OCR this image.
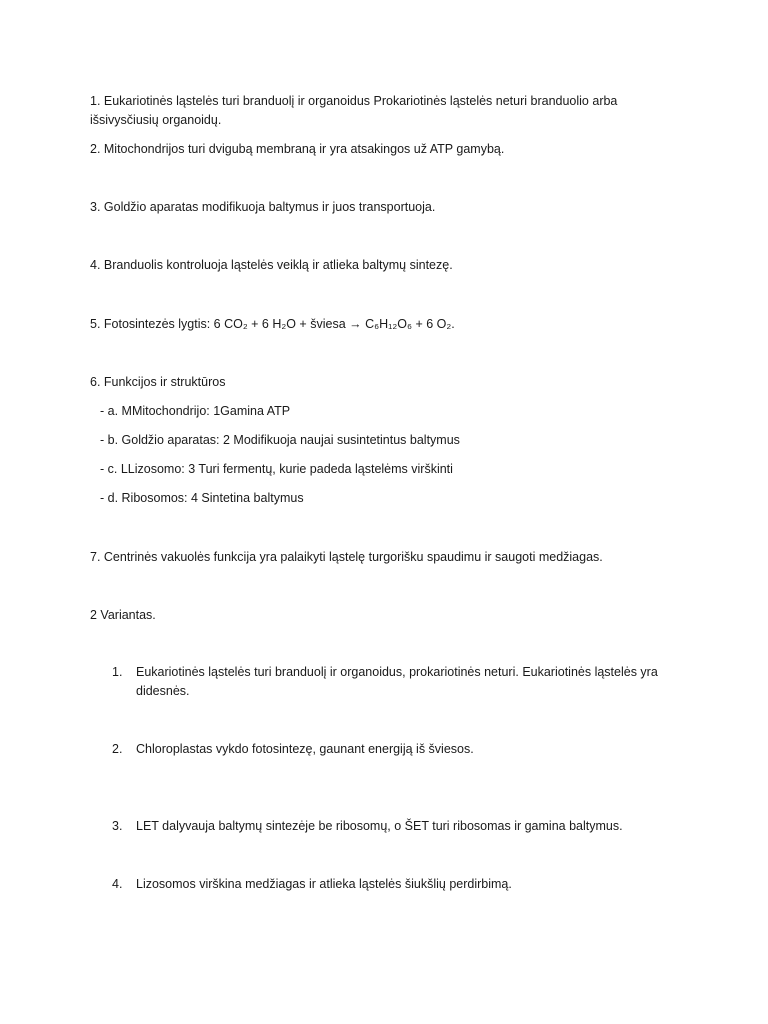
1. Eukariotinės ląstelės turi branduolį ir organoidus Prokariotinės ląstelės neturi branduolio arba
išsivysčiusių organoidų.
2. Mitochondrijos turi dvigubą membraną ir yra atsakingos už ATP gamybą.
3. Goldžio aparatas modifikuoja baltymus ir juos transportuoja.
4. Branduolis kontroluoja ląstelės veiklą ir atlieka baltymų sintezę.
5. Fotosintezės lygtis: 6 CO₂ + 6 H₂O + šviesa → C₆H₁₂O₆ + 6 O₂.
6. Funkcijos ir struktūros
- a. MMitochondrijo: 1Gamina ATP
- b. Goldžio aparatas: 2 Modifikuoja naujai susintetintus baltymus
- c. LLizosomo: 3 Turi fermentų, kurie padeda ląstelėms virškinti
- d. Ribosomos: 4 Sintetina baltymus
7. Centrinės vakuolės funkcija yra palaikyti ląstelę turgorišku spaudimu ir saugoti medžiagas.
2 Variantas.
1. Eukariotinės ląstelės turi branduolį ir organoidus, prokariotinės neturi. Eukariotinės ląstelės yra
didesnės.
2. Chloroplastas vykdo fotosintezę, gaunant energiją iš šviesos.
3. LET dalyvauja baltymų sintezėje be ribosomų, o ŠET turi ribosomas ir gamina baltymus.
4. Lizosomos virškina medžiagas ir atlieka ląstelės šiukšlių perdirbimą.
